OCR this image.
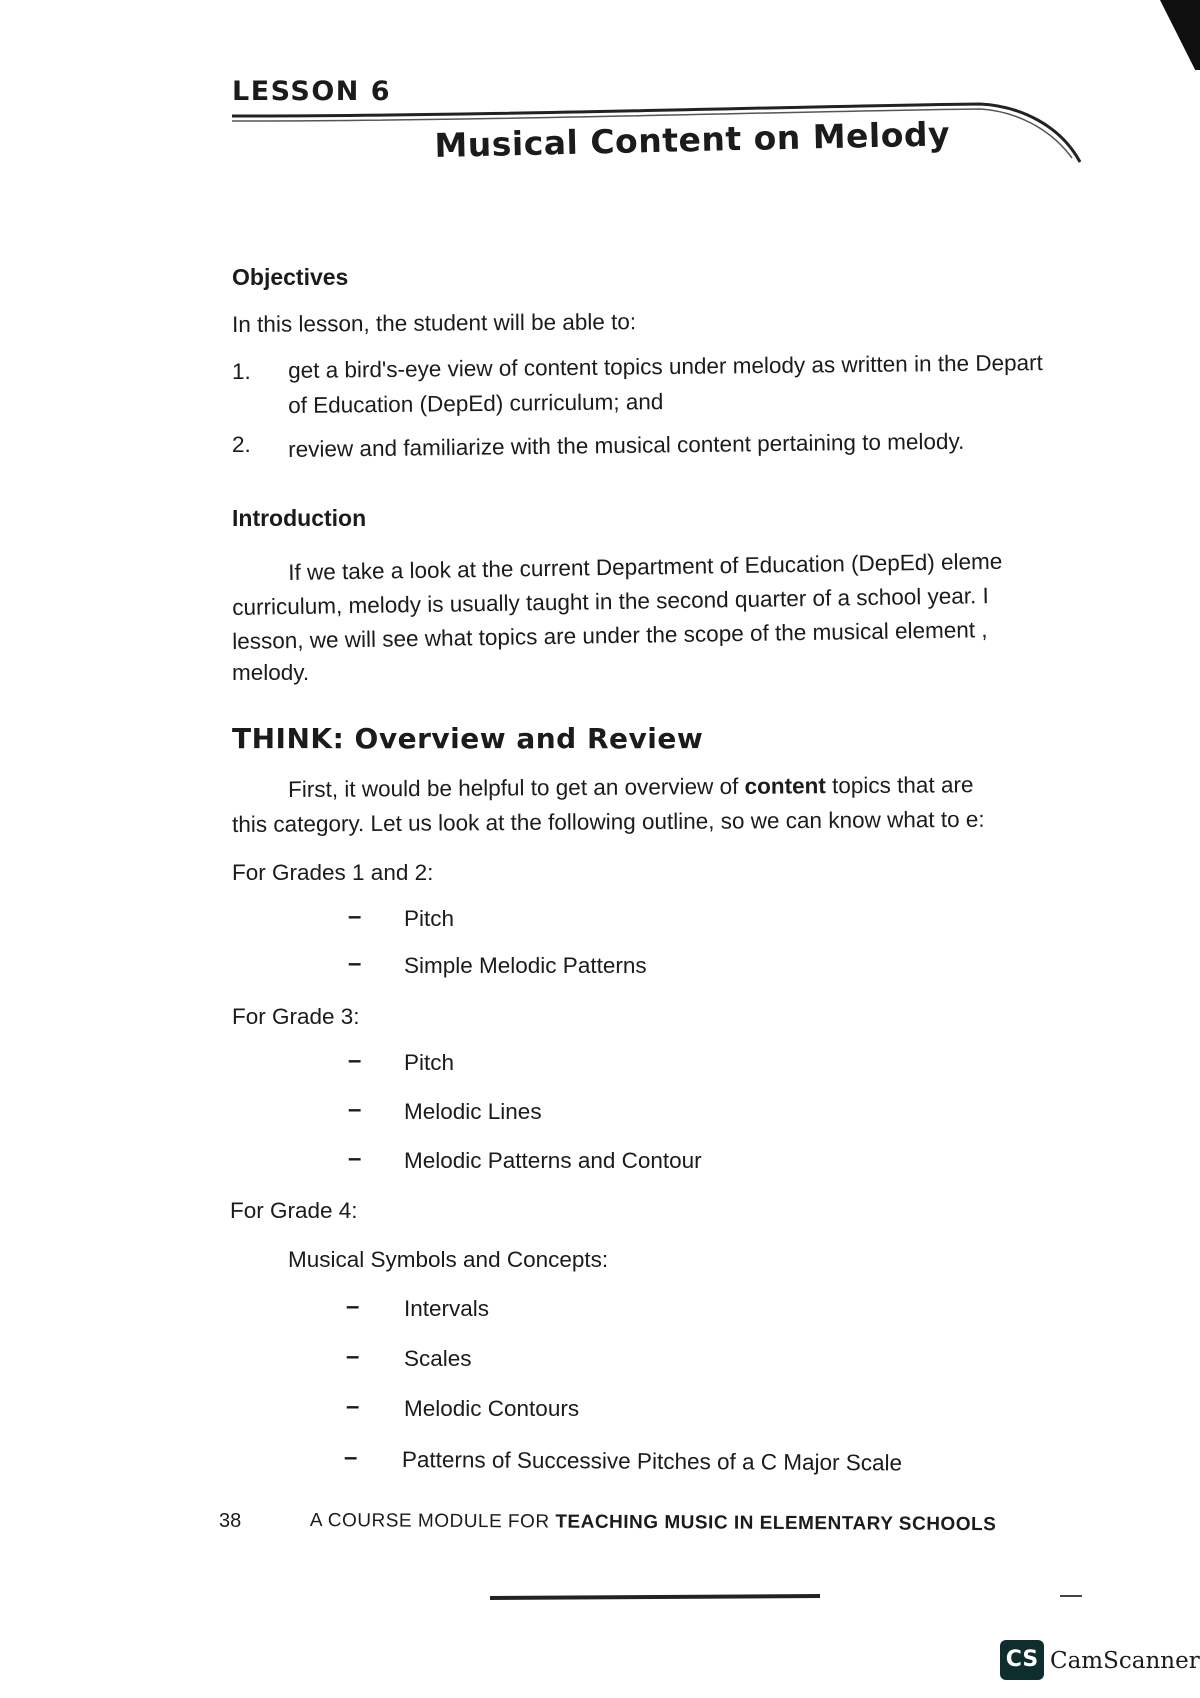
LESSON 6
Musical Content on Melody
Objectives
In this lesson, the student will be able to:
1. get a bird's-eye view of content topics under melody as written in the Depart
of Education (DepEd) curriculum; and
2. review and familiarize with the musical content pertaining to melody.
Introduction
If we take a look at the current Department of Education (DepEd) eleme
curriculum, melody is usually taught in the second quarter of a school year. I
lesson, we will see what topics are under the scope of the musical element ,
melody.
THINK: Overview and Review
First, it would be helpful to get an overview of content topics that are
this category. Let us look at the following outline, so we can know what to e:
For Grades 1 and 2:
– Pitch
– Simple Melodic Patterns
For Grade 3:
– Pitch
– Melodic Lines
– Melodic Patterns and Contour
For Grade 4:
Musical Symbols and Concepts:
– Intervals
– Scales
– Melodic Contours
– Patterns of Successive Pitches of a C Major Scale
38	A COURSE MODULE FOR TEACHING MUSIC IN ELEMENTARY SCHOOLS
CS CamScanner
